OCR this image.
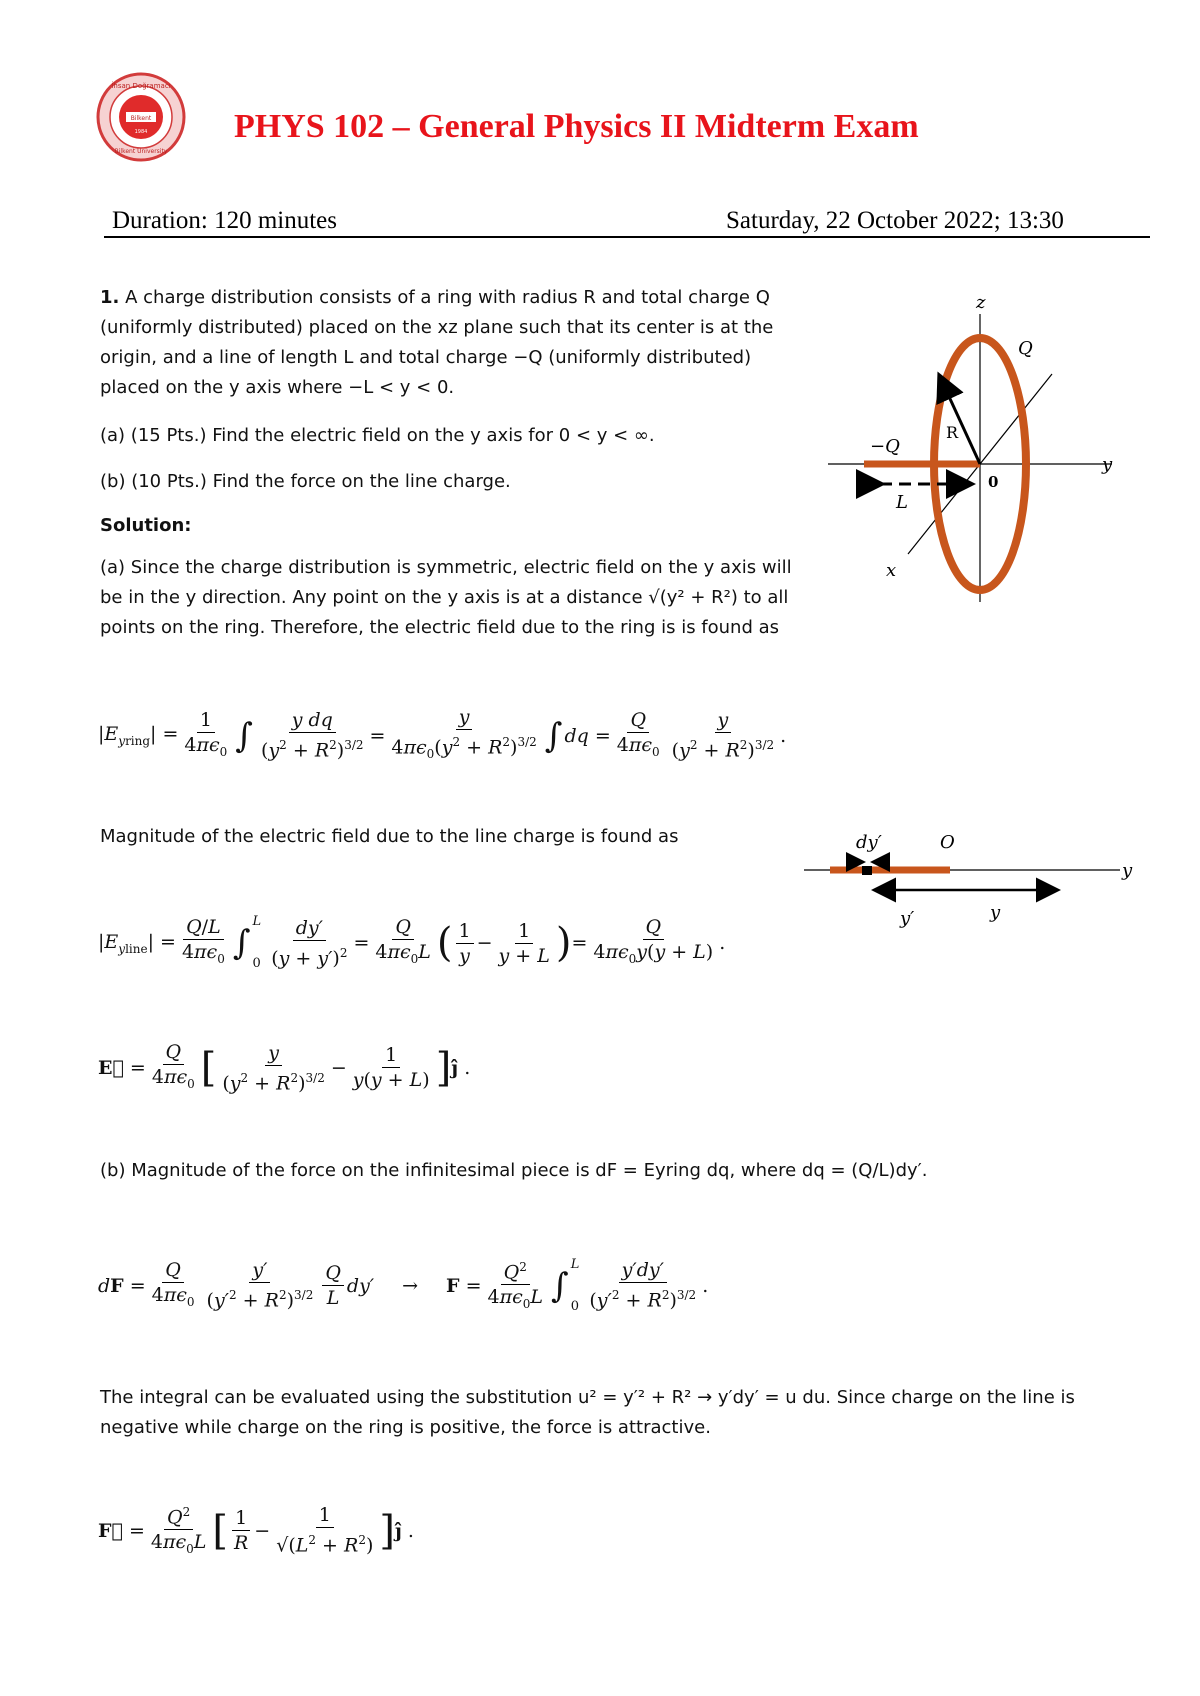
İhsan Doğramacı
Bilkent
Bilkent University
1984	PHYS 102 – General Physics II Midterm Exam
Duration: 120 minutes	Saturday, 22 October 2022; 13:30
1. A charge distribution consists of a ring with radius R and total charge Q
(uniformly distributed) placed on the xz plane such that its center is at the
origin, and a line of length L and total charge −Q (uniformly distributed)
placed on the y axis where −L < y < 0.
(a) (15 Pts.) Find the electric field on the y axis for 0 < y < ∞.
(b) (10 Pts.) Find the force on the line charge.
Solution:
(a) Since the charge distribution is symmetric, electric field on the y axis will
be in the y direction. Any point on the y axis is at a distance √(y² + R²) to all
points on the ring. Therefore, the electric field due to the ring is is found as
z
Q
−Q
R
0
y
L
x
$|E_{yring}| = \frac{1}{4\pi\epsilon_0}$ ∫ $\frac{\text{y dq}}{(y^2 + R^2)^{3/2}} = \frac{y}{4\pi\epsilon_0(y^2 + R^2)^{3/2}}$ ∫ dq = $\frac{Q}{4\pi\epsilon_0} \frac{y}{(y^2 + R^2)^{3/2}}$ .
Magnitude of the electric field due to the line charge is found as	dy′	O
y
y′	y
$|E_{yline}| = \frac{Q/L}{4\pi\epsilon_0}$ ∫
L

$0 \frac{dy'}{(y + y')^2} = \frac{Q}{4\pi\epsilon_0L}$ ( $\frac{1}{y} - \frac{1}{y + L}$ ) = $\frac{Q}{4\pi\epsilon_0y(y + L)}$ .
E⃗ = $\frac{Q}{4\pi\epsilon_0}$ [ $\frac{y}{(y^2 + R^2)^{3/2}} - \frac{1}{y(y + L)}$ ] ĵ .
(b) Magnitude of the force on the infinitesimal piece is dF = Eyring dq, where dq = (Q/L)dy′.
dF = $\frac{Q}{4\pi\epsilon_0} \frac{y'}{(y'^2 + R^2)^{3/2}} \frac{Q}{L} dy' \to F = \frac{Q^2}{4\pi\epsilon_0L}$ ∫
L

$0 \frac{y'dy'}{(y'^2 + R^2)^{3/2}}$ .
The integral can be evaluated using the substitution u² = y′² + R² → y′dy′ = u du. Since charge on the line is
negative while charge on the ring is positive, the force is attractive.
F⃗ = $\frac{Q^2}{4\pi\epsilon_0L}$ [ $\frac{1}{R} - \frac{1}{√(L^2 + R^2)}$ ] ĵ .
